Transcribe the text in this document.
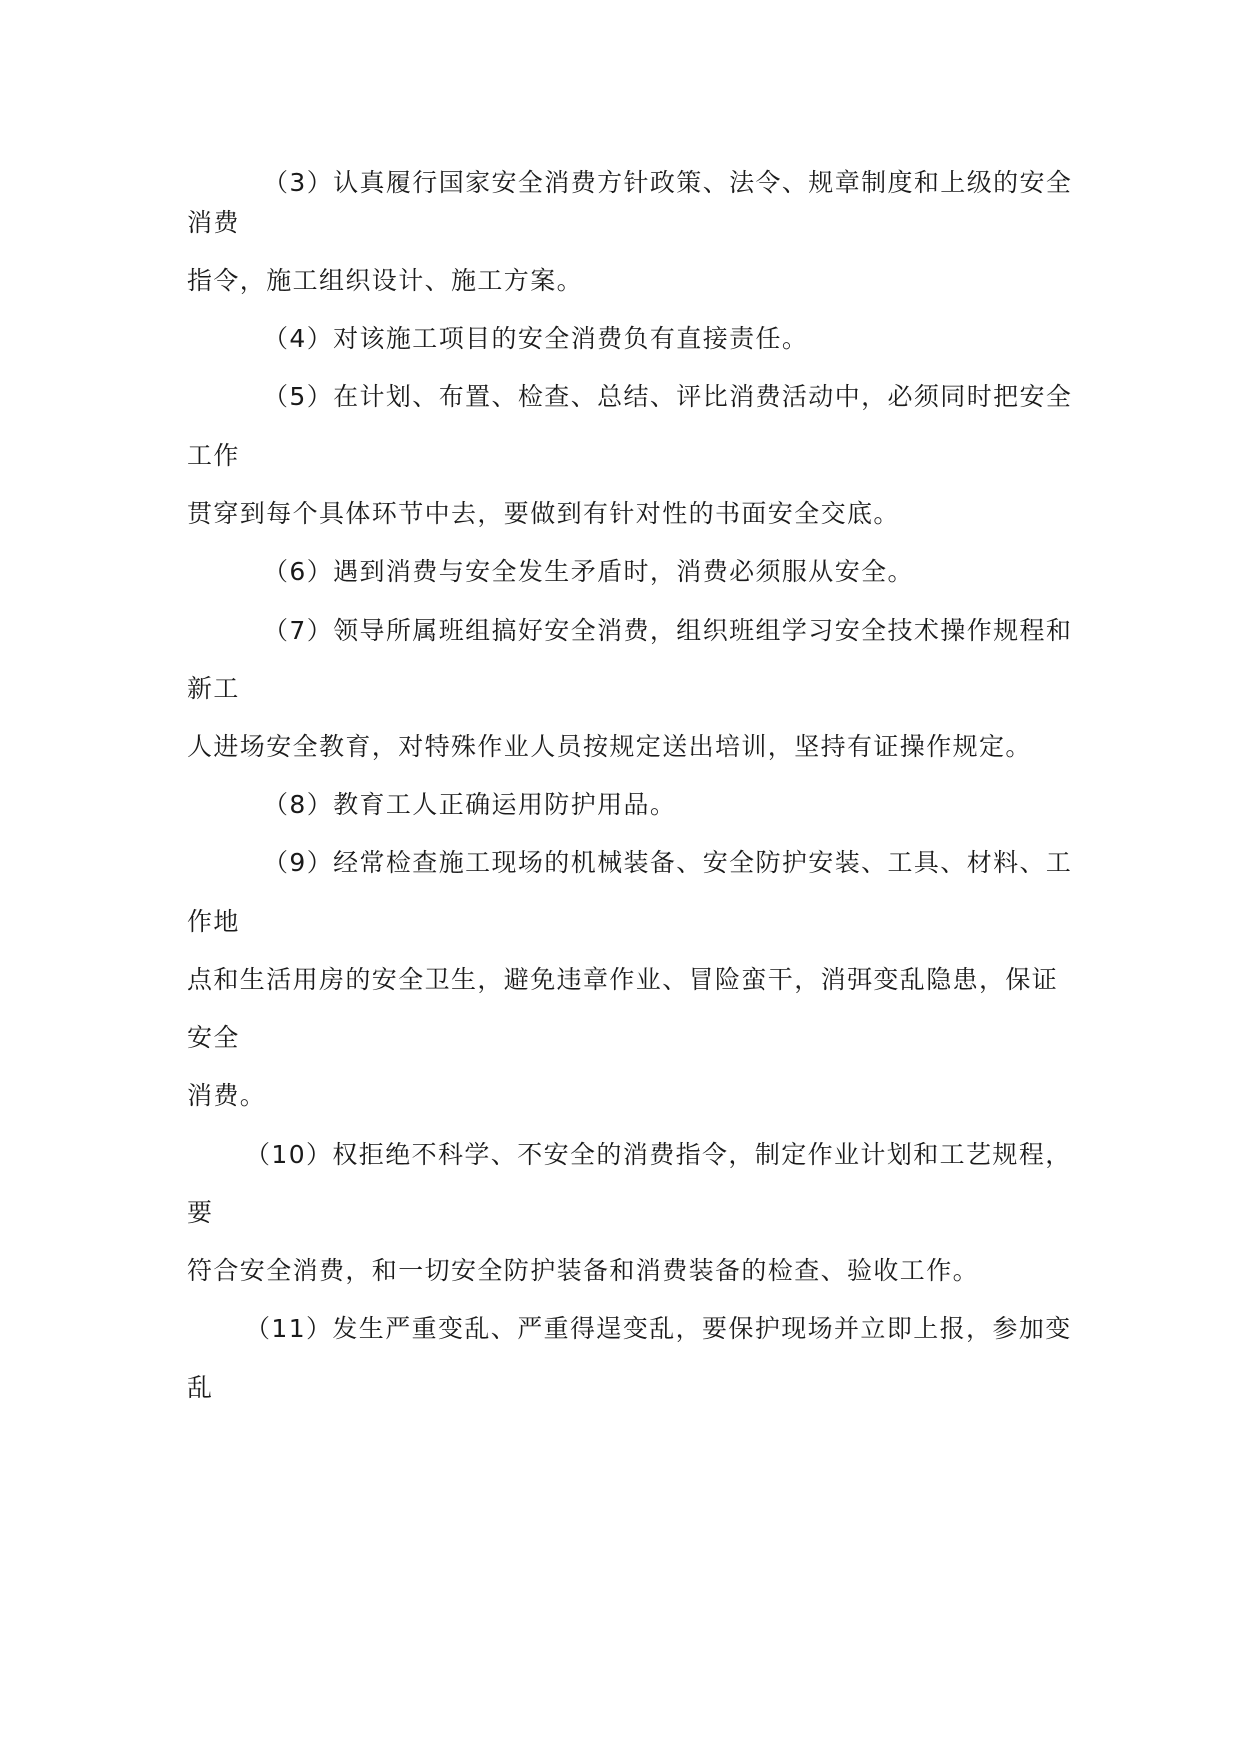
（3）认真履行国家安全消费方针政策、法令、规章制度和上级的安全
消费
指令，施工组织设计、施工方案。
（4）对该施工项目的安全消费负有直接责任。
（5）在计划、布置、检查、总结、评比消费活动中，必须同时把安全
工作
贯穿到每个具体环节中去，要做到有针对性的书面安全交底。
（6）遇到消费与安全发生矛盾时，消费必须服从安全。
（7）领导所属班组搞好安全消费，组织班组学习安全技术操作规程和
新工
人进场安全教育，对特殊作业人员按规定送出培训，坚持有证操作规定。
（8）教育工人正确运用防护用品。
（9）经常检查施工现场的机械装备、安全防护安装、工具、材料、工
作地
点和生活用房的安全卫生，避免违章作业、冒险蛮干，消弭变乱隐患，保证
安全
消费。
（10）权拒绝不科学、不安全的消费指令，制定作业计划和工艺规程，
要
符合安全消费，和一切安全防护装备和消费装备的检查、验收工作。
（11）发生严重变乱、严重得逞变乱，要保护现场并立即上报，参加变
乱
